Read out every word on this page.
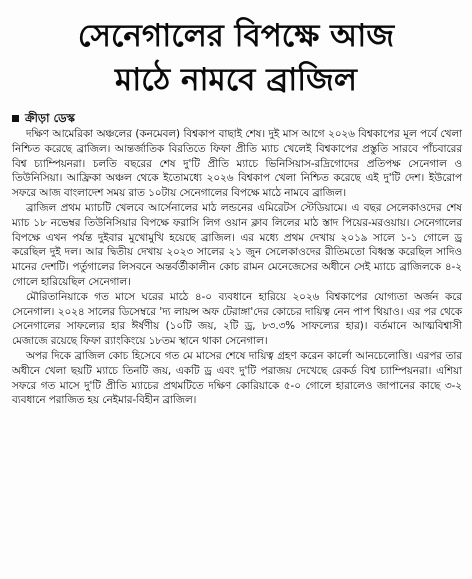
সেনেগালের বিপক্ষে আজ
মাঠে নামবে ব্রাজিল
ক্রীড়া ডেস্ক

দক্ষিণ আমেরিকা অঞ্চলের (কনমেবল) বিশ্বকাপ বাছাই শেষ। দুই মাস আগে ২০২৬ বিশ্বকাপের মূল পর্বে খেলা নিশ্চিত করেছে ব্রাজিল। আন্তর্জাতিক বিরতিতে ফিফা প্রীতি ম্যাচ খেলেই বিশ্বকাপের প্রস্তুতি সারবে পাঁচবারের বিশ্ব চ্যাম্পিয়নরা। চলতি বছরের শেষ দু'টি প্রীতি ম্যাচে ভিনিসিয়াস-রদ্রিগোদের প্রতিপক্ষ সেনেগাল ও তিউনিসিয়া। আফ্রিকা অঞ্চল থেকে ইতোমধ্যে ২০২৬ বিশ্বকাপ খেলা নিশ্চিত করেছে এই দু'টি দেশ। ইউরোপ সফরে আজ বাংলাদেশ সময় রাত ১০টায় সেনেগালের বিপক্ষে মাঠে নামবে ব্রাজিল।

ব্রাজিল প্রথম ম্যাচটি খেলবে আর্সেনালের মাঠ লন্ডনের এমিরেটস স্টেডিয়ামে। এ বছর সেলেকাওদের শেষ ম্যাচ ১৮ নভেম্বর তিউনিসিয়ার বিপক্ষে ফরাসি লিগ ওয়ান ক্লাব লিলের মাঠ স্তাদ পিয়ের-মরওয়ায়। সেনেগালের বিপক্ষে এখন পর্যন্ত দুইবার মুখোমুখি হয়েছে ব্রাজিল। এর মধ্যে প্রথম দেখায় ২০১৯ সালে ১-১ গোলে ড্র করেছিল দুই দল। আর দ্বিতীয় দেখায় ২০২৩ সালের ২১ জুন সেলেকাওদের রীতিমতো বিধ্বস্ত করেছিল সাদিও মানের দেশটি। পর্তুগালের লিসবনে অন্তর্বর্তীকালীন কোচ রামন মেনেজেসের অধীনে সেই ম্যাচে ব্রাজিলকে ৪-২ গোলে হারিয়েছিল সেনেগাল।

মৌরিতানিয়াকে গত মাসে ঘরের মাঠে ৪-০ ব্যবধানে হারিয়ে ২০২৬ বিশ্বকাপের যোগ্যতা অর্জন করে সেনেগাল। ২০২৪ সালের ডিসেম্বরে 'দ্য লায়ন্স অফ টেরাঙ্গা'দের কোচের দায়িত্ব নেন পাপ থিয়াও। এর পর থেকে সেনেগালের সাফল্যের হার ঈর্ষণীয় (১০টি জয়, ২টি ড্র, ৮৩.৩% সাফল্যের হার)। বর্তমানে আত্মবিশ্বাসী মেজাজে রয়েছে ফিফা র‍্যাংকিংয়ে ১৮তম স্থানে থাকা সেনেগাল।

অপর দিকে ব্রাজিল কোচ হিসেবে গত মে মাসের শেষে দায়িত্ব গ্রহণ করেন কার্লো আনচেলোত্তি। এরপর তার অধীনে খেলা ছয়টি ম্যাচে তিনটি জয়, একটি ড্র এবং দু'টি পরাজয় দেখেছে রেকর্ড বিশ্ব চ্যাম্পিয়নরা। এশিয়া সফরে গত মাসে দু'টি প্রীতি ম্যাচের প্রথমটিতে দক্ষিণ কোরিয়াকে ৫-০ গোলে হারালেও জাপানের কাছে ৩-২ ব্যবধানে পরাজিত হয় নেইমার-বিহীন ব্রাজিল।
